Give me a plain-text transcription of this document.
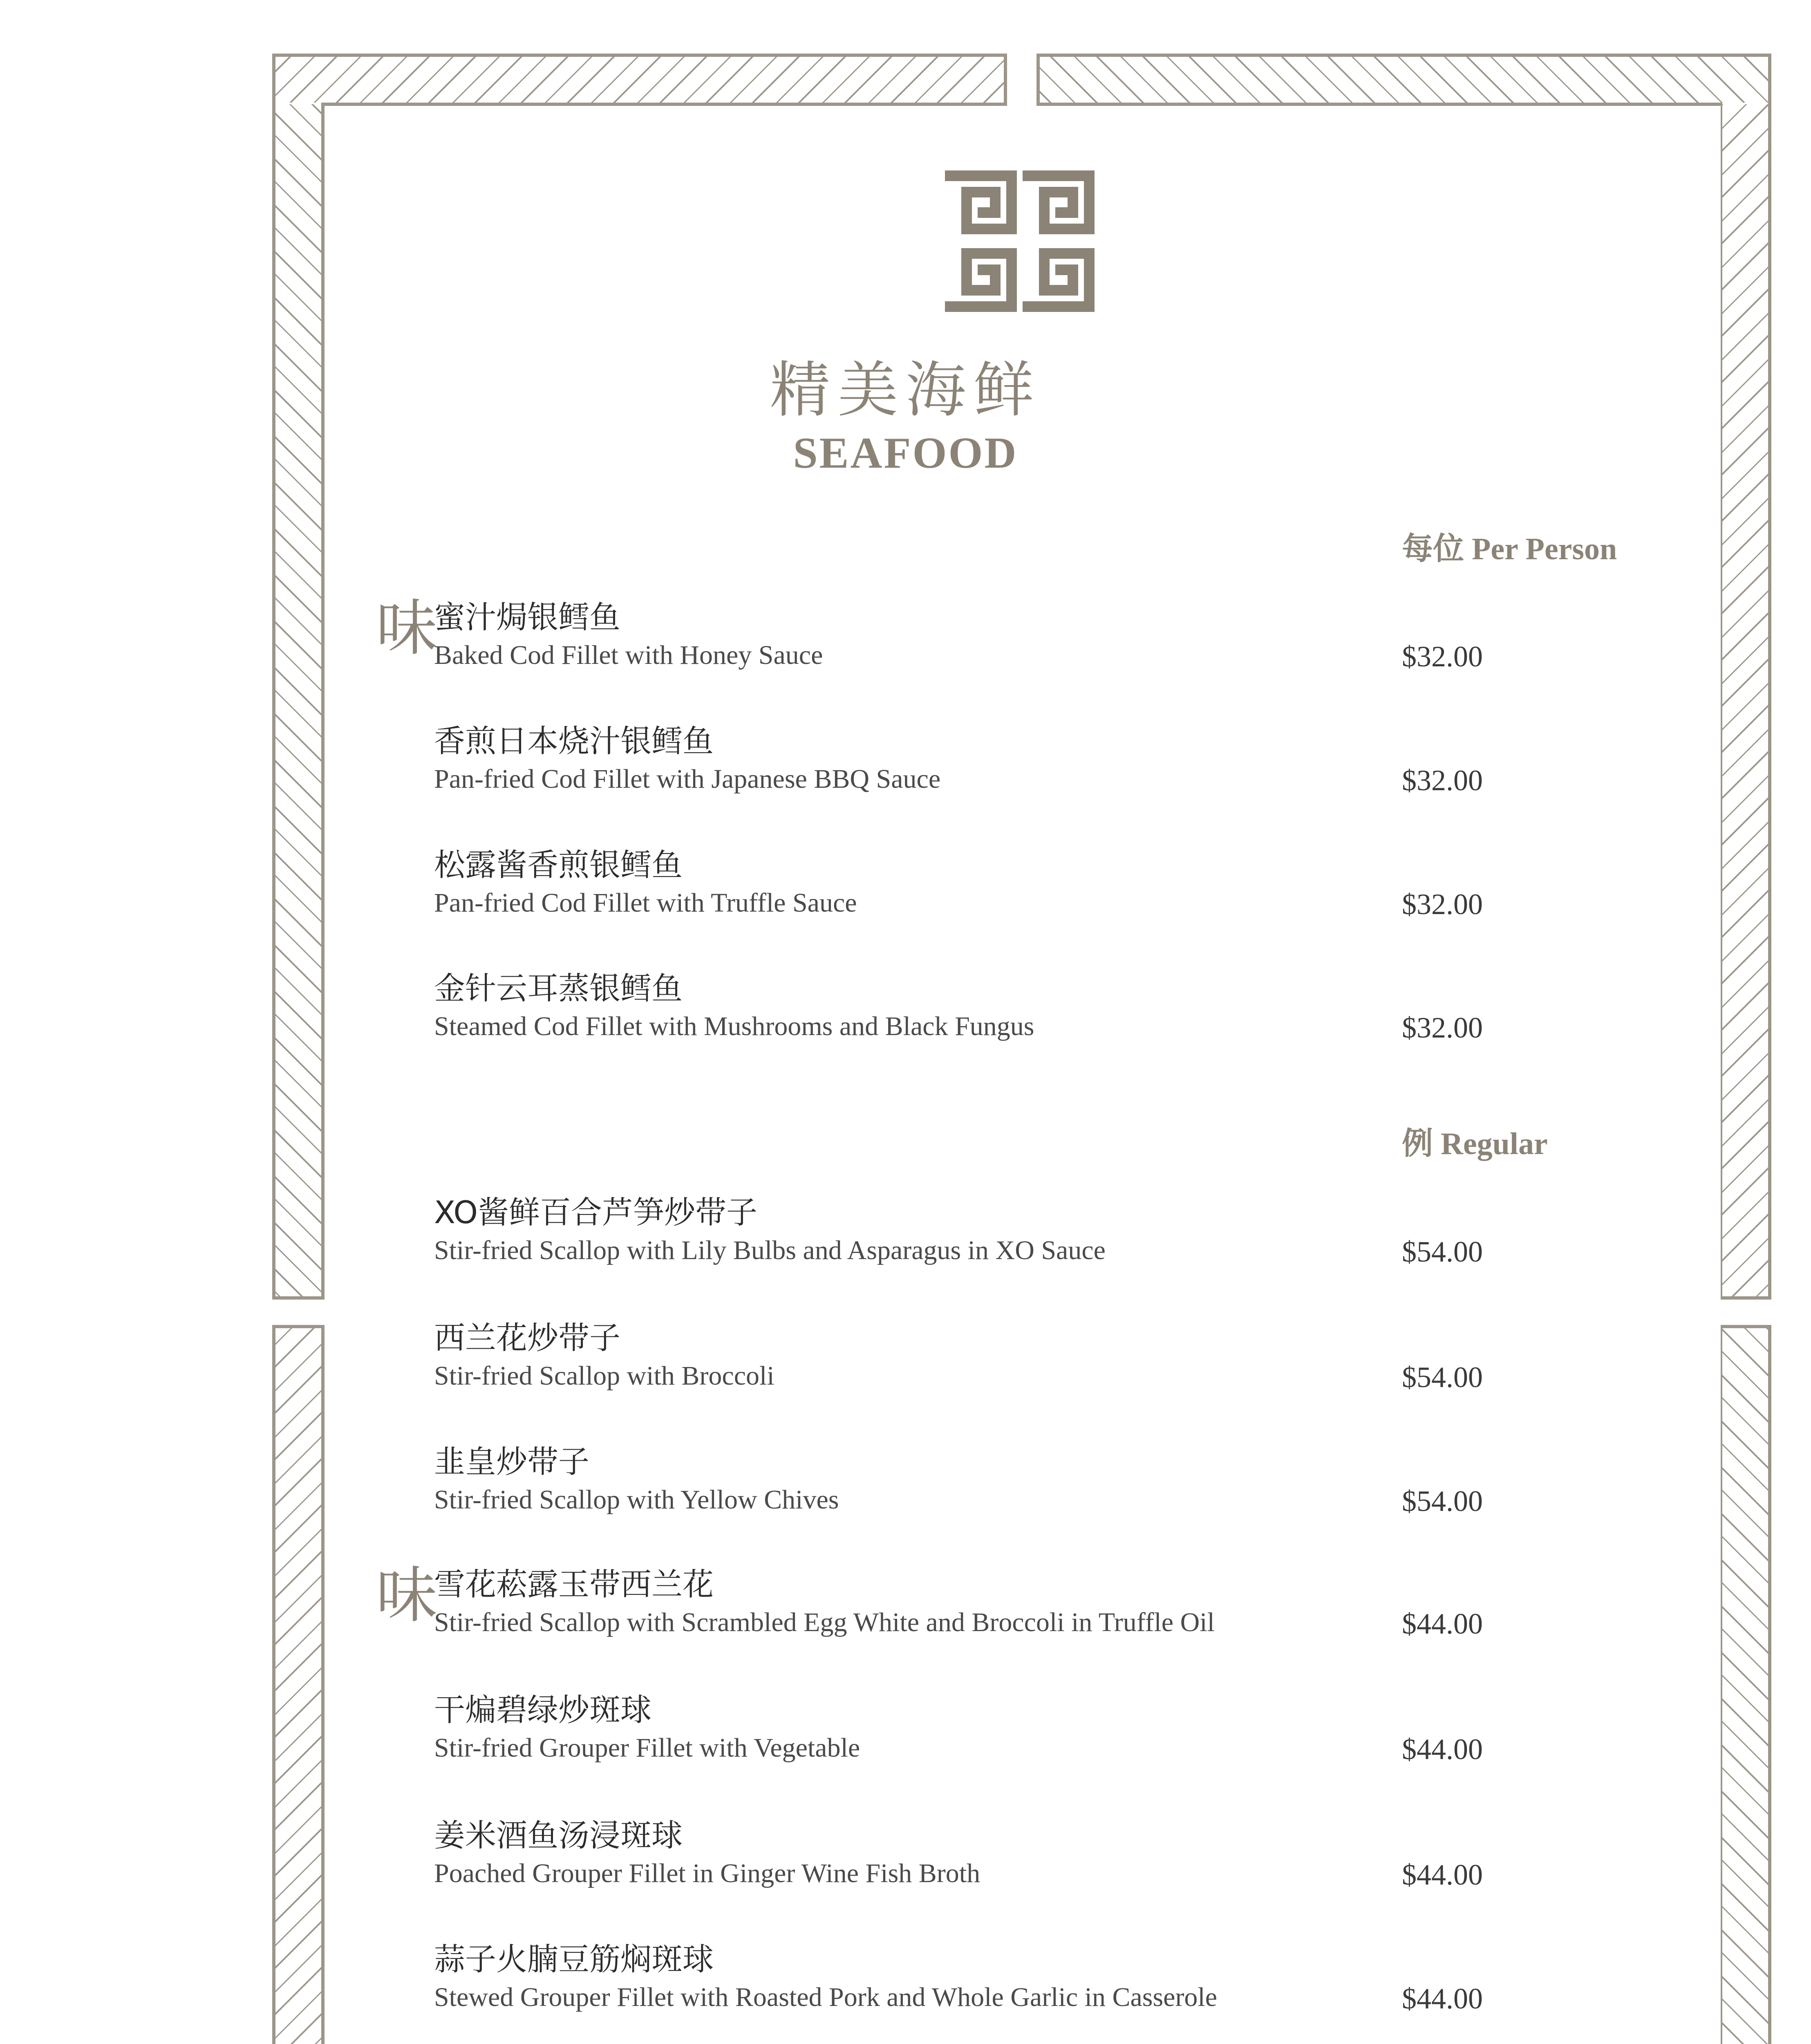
精美海鲜
SEAFOOD
每位 Per Person
例 Regular
味
蜜汁焗银鳕鱼
Baked Cod Fillet with Honey Sauce	$32.00
香煎日本烧汁银鳕鱼
Pan-fried Cod Fillet with Japanese BBQ Sauce	$32.00
松露酱香煎银鳕鱼
Pan-fried Cod Fillet with Truffle Sauce	$32.00
金针云耳蒸银鳕鱼
Steamed Cod Fillet with Mushrooms and Black Fungus	$32.00
XO酱鲜百合芦笋炒带子
Stir-fried Scallop with Lily Bulbs and Asparagus in XO Sauce	$54.00
西兰花炒带子
Stir-fried Scallop with Broccoli	$54.00
韭皇炒带子
Stir-fried Scallop with Yellow Chives	$54.00
味
雪花菘露玉带西兰花
Stir-fried Scallop with Scrambled Egg White and Broccoli in Truffle Oil	$44.00
干煸碧绿炒斑球
Stir-fried Grouper Fillet with Vegetable	$44.00
姜米酒鱼汤浸斑球
Poached Grouper Fillet in Ginger Wine Fish Broth	$44.00
蒜子火腩豆筋焖斑球
Stewed Grouper Fillet with Roasted Pork and Whole Garlic in Casserole	$44.00
